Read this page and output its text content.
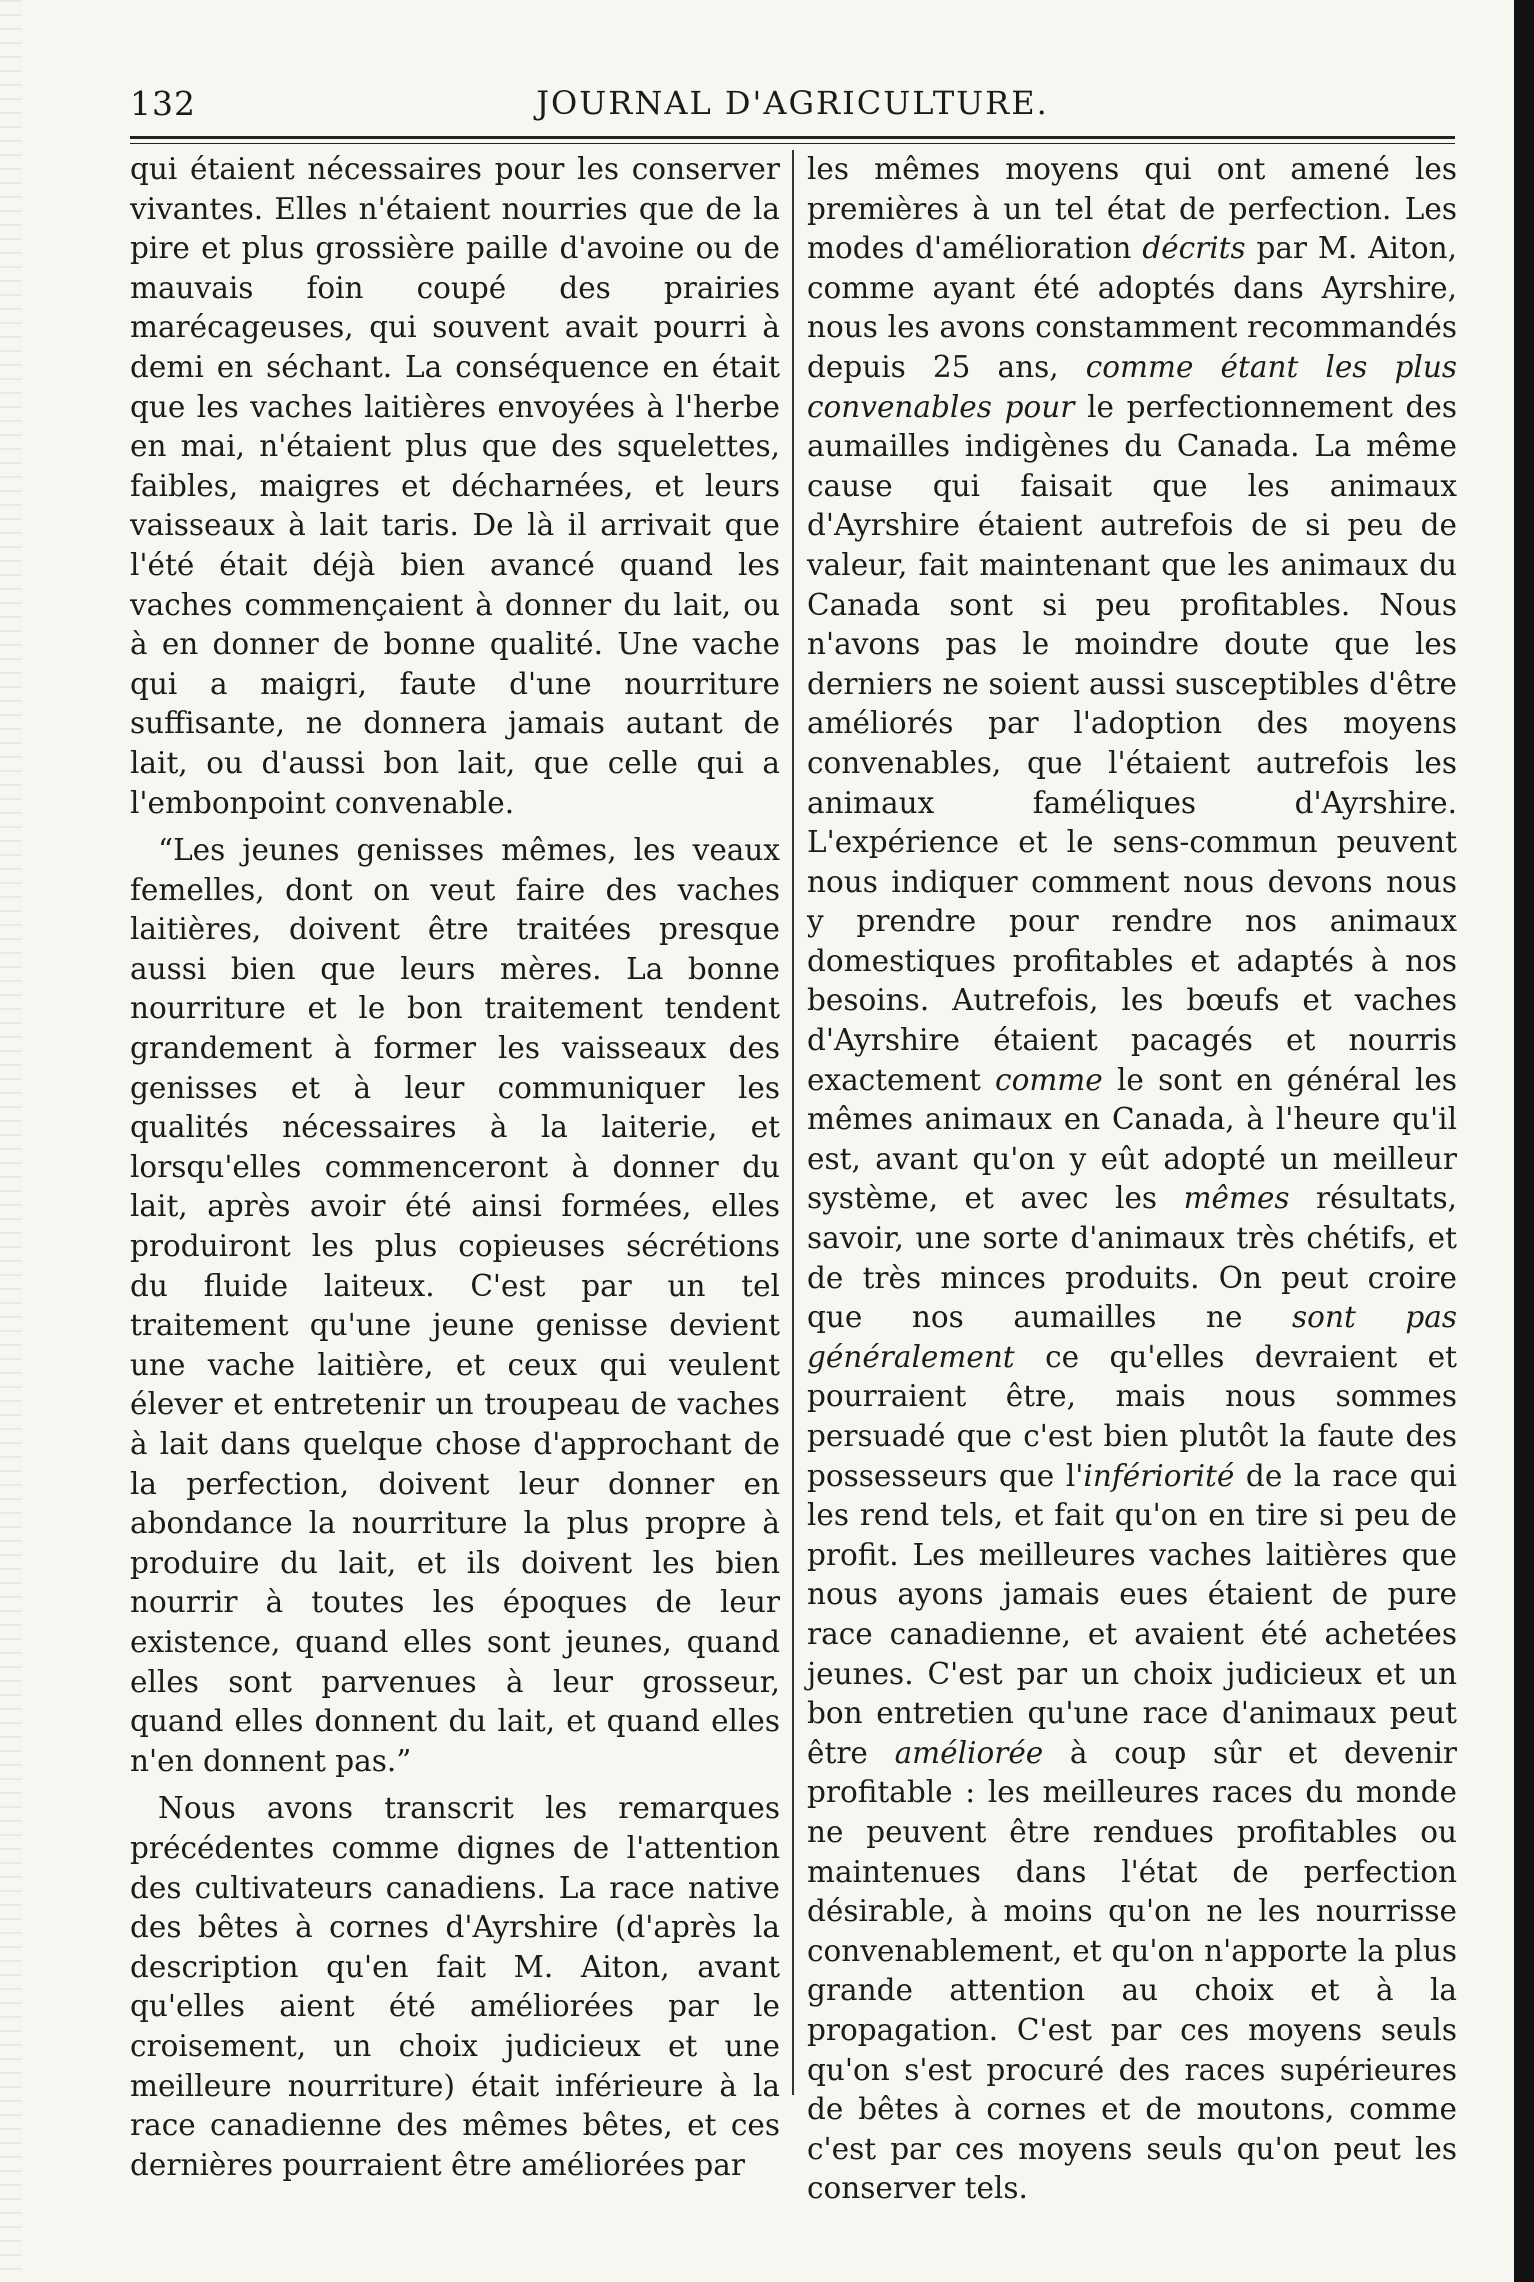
132	JOURNAL D'AGRICULTURE.

qui étaient nécessaires pour les conserver vivantes. Elles n'étaient nourries que de la pire et plus grossière paille d'avoine ou de mauvais foin coupé des prairies marécageuses, qui souvent avait pourri à demi en séchant. La conséquence en était que les vaches laitières envoyées à l'herbe en mai, n'étaient plus que des squelettes, faibles, maigres et décharnées, et leurs vaisseaux à lait taris. De là il arrivait que l'été était déjà bien avancé quand les vaches commençaient à donner du lait, ou à en donner de bonne qualité. Une vache qui a maigri, faute d'une nourriture suffisante, ne donnera jamais autant de lait, ou d'aussi bon lait, que celle qui a l'embonpoint convenable.

“Les jeunes genisses mêmes, les veaux femelles, dont on veut faire des vaches laitières, doivent être traitées presque aussi bien que leurs mères. La bonne nourriture et le bon traitement tendent grandement à former les vaisseaux des genisses et à leur communiquer les qualités nécessaires à la laiterie, et lorsqu'elles commenceront à donner du lait, après avoir été ainsi formées, elles produiront les plus copieuses sécrétions du fluide laiteux. C'est par un tel traitement qu'une jeune genisse devient une vache laitière, et ceux qui veulent élever et entretenir un troupeau de vaches à lait dans quelque chose d'approchant de la perfection, doivent leur donner en abondance la nourriture la plus propre à produire du lait, et ils doivent les bien nourrir à toutes les époques de leur existence, quand elles sont jeunes, quand elles sont parvenues à leur grosseur, quand elles donnent du lait, et quand elles n'en donnent pas.”

Nous avons transcrit les remarques précédentes comme dignes de l'attention des cultivateurs canadiens. La race native des bêtes à cornes d'Ayrshire (d'après la description qu'en fait M. Aiton, avant qu'elles aient été améliorées par le croisement, un choix judicieux et une meilleure nourriture) était inférieure à la race canadienne des mêmes bêtes, et ces dernières pourraient être améliorées par

les mêmes moyens qui ont amené les premières à un tel état de perfection. Les modes d'amélioration décrits par M. Aiton, comme ayant été adoptés dans Ayrshire, nous les avons constamment recommandés depuis 25 ans, comme étant les plus convenables pour le perfectionnement des aumailles indigènes du Canada. La même cause qui faisait que les animaux d'Ayrshire étaient autrefois de si peu de valeur, fait maintenant que les animaux du Canada sont si peu profitables. Nous n'avons pas le moindre doute que les derniers ne soient aussi susceptibles d'être améliorés par l'adoption des moyens convenables, que l'étaient autrefois les animaux faméliques d'Ayrshire. L'expérience et le sens-commun peuvent nous indiquer comment nous devons nous y prendre pour rendre nos animaux domestiques profitables et adaptés à nos besoins. Autrefois, les bœufs et vaches d'Ayrshire étaient pacagés et nourris exactement comme le sont en général les mêmes animaux en Canada, à l'heure qu'il est, avant qu'on y eût adopté un meilleur système, et avec les mêmes résultats, savoir, une sorte d'animaux très chétifs, et de très minces produits. On peut croire que nos aumailles ne sont pas généralement ce qu'elles devraient et pourraient être, mais nous sommes persuadé que c'est bien plutôt la faute des possesseurs que l'infériorité de la race qui les rend tels, et fait qu'on en tire si peu de profit. Les meilleures vaches laitières que nous ayons jamais eues étaient de pure race canadienne, et avaient été achetées jeunes. C'est par un choix judicieux et un bon entretien qu'une race d'animaux peut être améliorée à coup sûr et devenir profitable : les meilleures races du monde ne peuvent être rendues profitables ou maintenues dans l'état de perfection désirable, à moins qu'on ne les nourrisse convenablement, et qu'on n'apporte la plus grande attention au choix et à la propagation. C'est par ces moyens seuls qu'on s'est procuré des races supérieures de bêtes à cornes et de moutons, comme c'est par ces moyens seuls qu'on peut les conserver tels.
